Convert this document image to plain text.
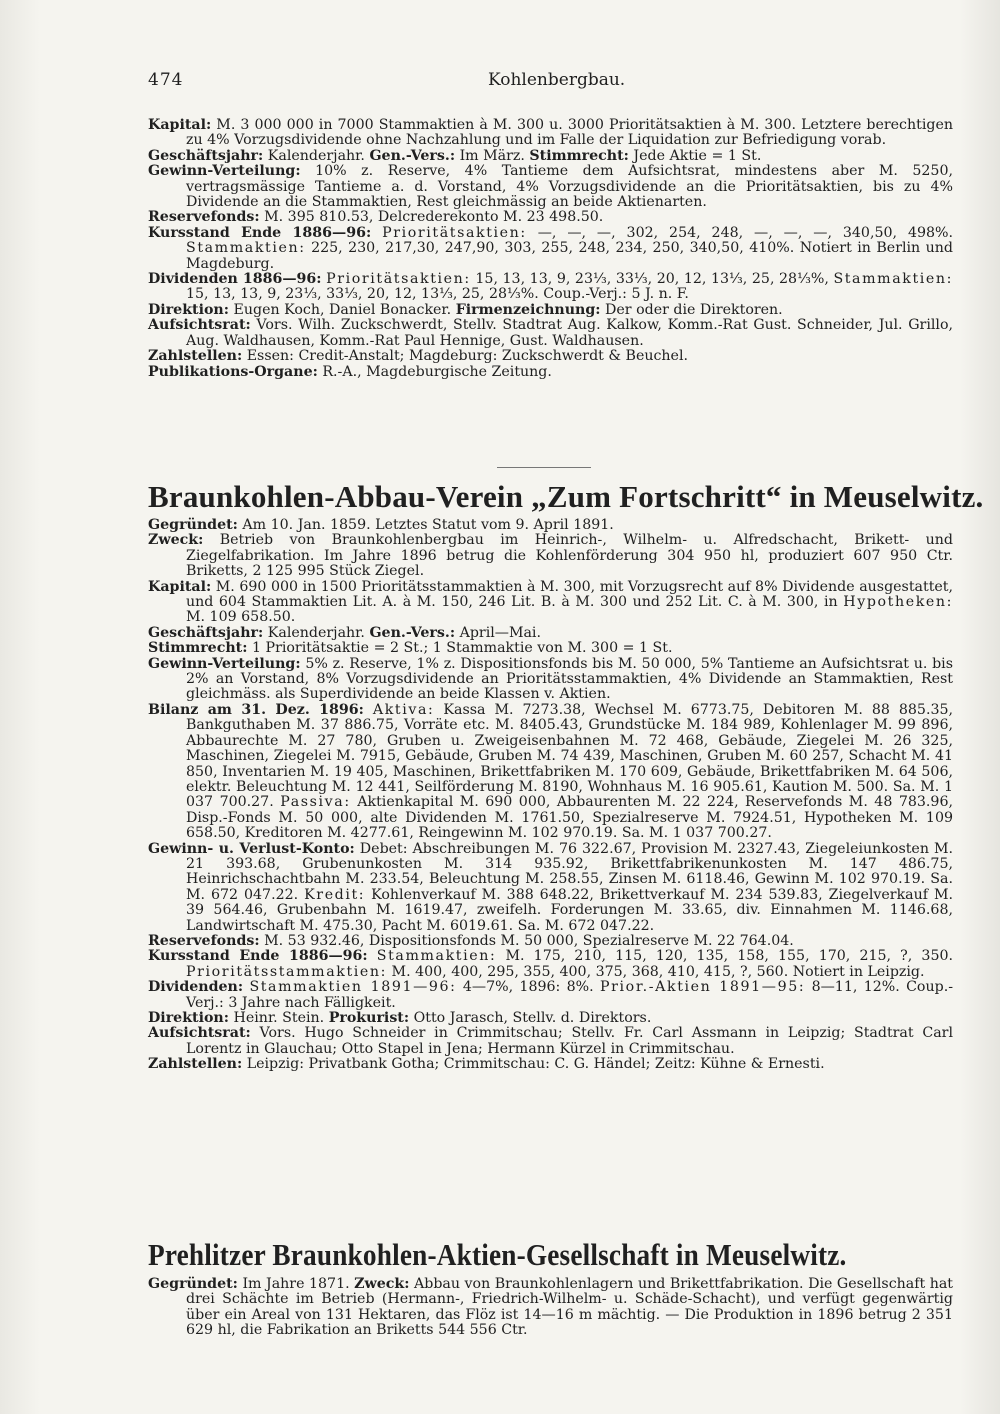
474	Kohlenbergbau.

Kapital: M. 3 000 000 in 7000 Stammaktien à M. 300 u. 3000 Prioritätsaktien à M. 300. Letztere berechtigen zu 4% Vorzugsdividende ohne Nachzahlung und im Falle der Liquidation zur Befriedigung vorab.

Geschäftsjahr: Kalenderjahr. Gen.-Vers.: Im März. Stimmrecht: Jede Aktie = 1 St.

Gewinn-Verteilung: 10% z. Reserve, 4% Tantieme dem Aufsichtsrat, mindestens aber M. 5250, vertragsmässige Tantieme a. d. Vorstand, 4% Vorzugsdividende an die Prioritätsaktien, bis zu 4% Dividende an die Stammaktien, Rest gleichmässig an beide Aktienarten.

Reservefonds: M. 395 810.53, Delcrederekonto M. 23 498.50.

Kursstand Ende 1886—96: Prioritätsaktien: —, —, —, 302, 254, 248, —, —, —, 340,50, 498%. Stammaktien: 225, 230, 217,30, 247,90, 303, 255, 248, 234, 250, 340,50, 410%. Notiert in Berlin und Magdeburg.

Dividenden 1886—96: Prioritätsaktien: 15, 13, 13, 9, 23⅓, 33⅓, 20, 12, 13⅓, 25, 28⅓%, Stammaktien: 15, 13, 13, 9, 23⅓, 33⅓, 20, 12, 13⅓, 25, 28⅓%. Coup.-Verj.: 5 J. n. F.

Direktion: Eugen Koch, Daniel Bonacker. Firmenzeichnung: Der oder die Direktoren.

Aufsichtsrat: Vors. Wilh. Zuckschwerdt, Stellv. Stadtrat Aug. Kalkow, Komm.-Rat Gust. Schneider, Jul. Grillo, Aug. Waldhausen, Komm.-Rat Paul Hennige, Gust. Waldhausen.

Zahlstellen: Essen: Credit-Anstalt; Magdeburg: Zuckschwerdt & Beuchel.

Publikations-Organe: R.-A., Magdeburgische Zeitung.

Braunkohlen-Abbau-Verein „Zum Fortschritt“ in Meuselwitz.

Gegründet: Am 10. Jan. 1859. Letztes Statut vom 9. April 1891.

Zweck: Betrieb von Braunkohlenbergbau im Heinrich-, Wilhelm- u. Alfredschacht, Brikett- und Ziegelfabrikation. Im Jahre 1896 betrug die Kohlenförderung 304 950 hl, produziert 607 950 Ctr. Briketts, 2 125 995 Stück Ziegel.

Kapital: M. 690 000 in 1500 Prioritätsstammaktien à M. 300, mit Vorzugsrecht auf 8% Dividende ausgestattet, und 604 Stammaktien Lit. A. à M. 150, 246 Lit. B. à M. 300 und 252 Lit. C. à M. 300, in Hypotheken: M. 109 658.50.

Geschäftsjahr: Kalenderjahr. Gen.-Vers.: April—Mai.

Stimmrecht: 1 Prioritätsaktie = 2 St.; 1 Stammaktie von M. 300 = 1 St.

Gewinn-Verteilung: 5% z. Reserve, 1% z. Dispositionsfonds bis M. 50 000, 5% Tantieme an Aufsichtsrat u. bis 2% an Vorstand, 8% Vorzugsdividende an Prioritätsstammaktien, 4% Dividende an Stammaktien, Rest gleichmäss. als Superdividende an beide Klassen v. Aktien.

Bilanz am 31. Dez. 1896: Aktiva: Kassa M. 7273.38, Wechsel M. 6773.75, Debitoren M. 88 885.35, Bankguthaben M. 37 886.75, Vorräte etc. M. 8405.43, Grundstücke M. 184 989, Kohlenlager M. 99 896, Abbaurechte M. 27 780, Gruben u. Zweigeisenbahnen M. 72 468, Gebäude, Ziegelei M. 26 325, Maschinen, Ziegelei M. 7915, Gebäude, Gruben M. 74 439, Maschinen, Gruben M. 60 257, Schacht M. 41 850, Inventarien M. 19 405, Maschinen, Brikettfabriken M. 170 609, Gebäude, Brikettfabriken M. 64 506, elektr. Beleuchtung M. 12 441, Seilförderung M. 8190, Wohnhaus M. 16 905.61, Kaution M. 500. Sa. M. 1 037 700.27. Passiva: Aktienkapital M. 690 000, Abbaurenten M. 22 224, Reservefonds M. 48 783.96, Disp.-Fonds M. 50 000, alte Dividenden M. 1761.50, Spezialreserve M. 7924.51, Hypotheken M. 109 658.50, Kreditoren M. 4277.61, Reingewinn M. 102 970.19. Sa. M. 1 037 700.27.

Gewinn- u. Verlust-Konto: Debet: Abschreibungen M. 76 322.67, Provision M. 2327.43, Ziegeleiunkosten M. 21 393.68, Grubenunkosten M. 314 935.92, Brikettfabrikenunkosten M. 147 486.75, Heinrichschachtbahn M. 233.54, Beleuchtung M. 258.55, Zinsen M. 6118.46, Gewinn M. 102 970.19. Sa. M. 672 047.22. Kredit: Kohlenverkauf M. 388 648.22, Brikettverkauf M. 234 539.83, Ziegelverkauf M. 39 564.46, Grubenbahn M. 1619.47, zweifelh. Forderungen M. 33.65, div. Einnahmen M. 1146.68, Landwirtschaft M. 475.30, Pacht M. 6019.61. Sa. M. 672 047.22.

Reservefonds: M. 53 932.46, Dispositionsfonds M. 50 000, Spezialreserve M. 22 764.04.

Kursstand Ende 1886—96: Stammaktien: M. 175, 210, 115, 120, 135, 158, 155, 170, 215, ?, 350. Prioritätsstammaktien: M. 400, 400, 295, 355, 400, 375, 368, 410, 415, ?, 560. Notiert in Leipzig.

Dividenden: Stammaktien 1891—96: 4—7%, 1896: 8%. Prior.-Aktien 1891—95: 8—11, 12%. Coup.-Verj.: 3 Jahre nach Fälligkeit.

Direktion: Heinr. Stein. Prokurist: Otto Jarasch, Stellv. d. Direktors.

Aufsichtsrat: Vors. Hugo Schneider in Crimmitschau; Stellv. Fr. Carl Assmann in Leipzig; Stadtrat Carl Lorentz in Glauchau; Otto Stapel in Jena; Hermann Kürzel in Crimmitschau.

Zahlstellen: Leipzig: Privatbank Gotha; Crimmitschau: C. G. Händel; Zeitz: Kühne & Ernesti.

Prehlitzer Braunkohlen-Aktien-Gesellschaft in Meuselwitz.

Gegründet: Im Jahre 1871. Zweck: Abbau von Braunkohlenlagern und Brikettfabrikation. Die Gesellschaft hat drei Schächte im Betrieb (Hermann-, Friedrich-Wilhelm- u. Schäde-Schacht), und verfügt gegenwärtig über ein Areal von 131 Hektaren, das Flöz ist 14—16 m mächtig. — Die Produktion in 1896 betrug 2 351 629 hl, die Fabrikation an Briketts 544 556 Ctr.
